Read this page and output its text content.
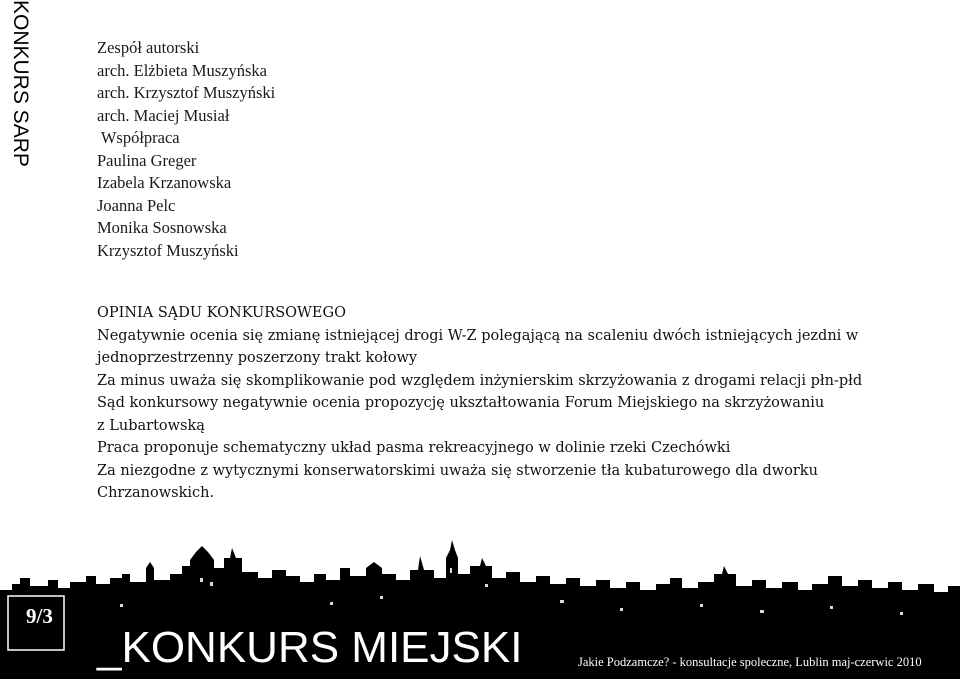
KONKURS SARP	Zespół autorski
arch. Elżbieta Muszyńska
arch. Krzysztof Muszyński
arch. Maciej Musiał
Współpraca
Paulina Greger
Izabela Krzanowska
Joanna Pelc
Monika Sosnowska
Krzysztof Muszyński
OPINIA SĄDU KONKURSOWEGO
Negatywnie ocenia się zmianę istniejącej drogi W-Z polegającą na scaleniu dwóch istniejących jezdni w
jednoprzestrzenny poszerzony trakt kołowy
Za minus uważa się skomplikowanie pod względem inżynierskim skrzyżowania z drogami relacji płn-płd
Sąd konkursowy negatywnie ocenia propozycję ukształtowania Forum Miejskiego na skrzyżowaniu
z Lubartowską
Praca proponuje schematyczny układ pasma rekreacyjnego w dolinie rzeki Czechówki
Za niezgodne z wytycznymi konserwatorskimi uważa się stworzenie tła kubaturowego dla dworku
Chrzanowskich.
9/3
_KONKURS MIEJSKI	Jakie Podzamcze? - konsultacje spoleczne, Lublin maj-czerwic 2010
